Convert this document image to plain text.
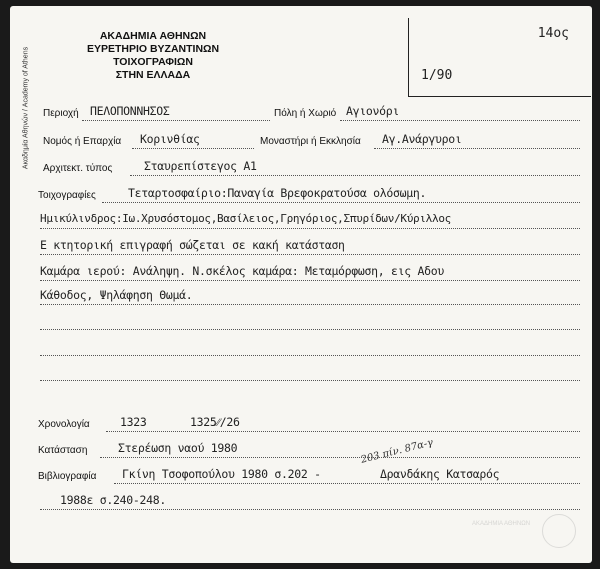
ΑΚΑΔΗΜΙΑ ΑΘΗΝΩΝ
ΕΥΡΕΤΗΡΙΟ ΒΥΖΑΝΤΙΝΩΝ ΤΟΙΧΟΓΡΑΦΙΩΝ
ΣΤΗΝ ΕΛΛΑΔΑ
Ακαδημία Αθηνών / Academy of Athens
14ος
1/90
Περιοχή ΠΕΛΟΠΟΝΝΗΣΟΣ	Πόλη ή Χωριό Αγιονόρι
Νομός ή Επαρχία Κορινθίας	Μοναστήρι ή Εκκλησία Αγ.Ανάργυροι
Αρχιτεκτ. τύπος	Σταυρεπίστεγος Α1
Τοιχογραφίες	Τεταρτοσφαίριο:Παναγία Βρεφοκρατούσα ολόσωμη.
Ημικύλινδρος:Ιω.Χρυσόστομος,Βασίλειος,Γρηγόριος,Σπυρίδων/Κύριλλος
Ε κτητορική επιγραφή σώζεται σε κακή κατάσταση
Καμάρα ιερού: Ανάληψη. Ν.σκέλος καμάρα: Μεταμόρφωση, εις Αδου
Κάθοδος, Ψηλάφηση Θωμά.
Χρονολογία	1323	1325⁄⁄/26
Κατάσταση	Στερέωση ναού 1980
Βιβλιογραφία Γκίνη Τσοφοπούλου 1980 σ.202 -	Δρανδάκης Κατσαρός
203 πίν. 87α-γ
1988ε σ.240-248.
ΑΚΑΔΗΜΙΑ ΑΘΗΝΩΝ
